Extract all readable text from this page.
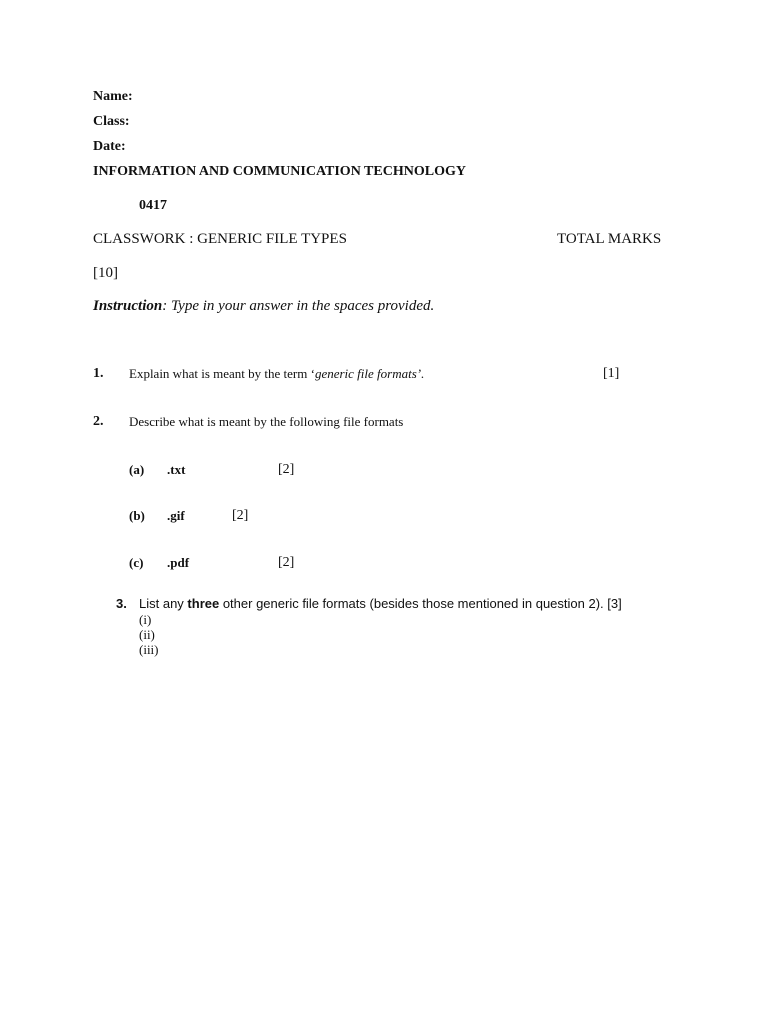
Name:
Class:
Date:
INFORMATION AND COMMUNICATION TECHNOLOGY
0417
CLASSWORK : GENERIC FILE TYPES	TOTAL MARKS
[10]
Instruction: Type in your answer in the spaces provided.
1. Explain what is meant by the term ‘generic file formats’.	[1]
2. Describe what is meant by the following file formats
(a) .txt	[2]
(b) .gif	[2]
(c) .pdf	[2]
3. List any three other generic file formats (besides those mentioned in question 2). [3]
(i)
(ii)
(iii)
